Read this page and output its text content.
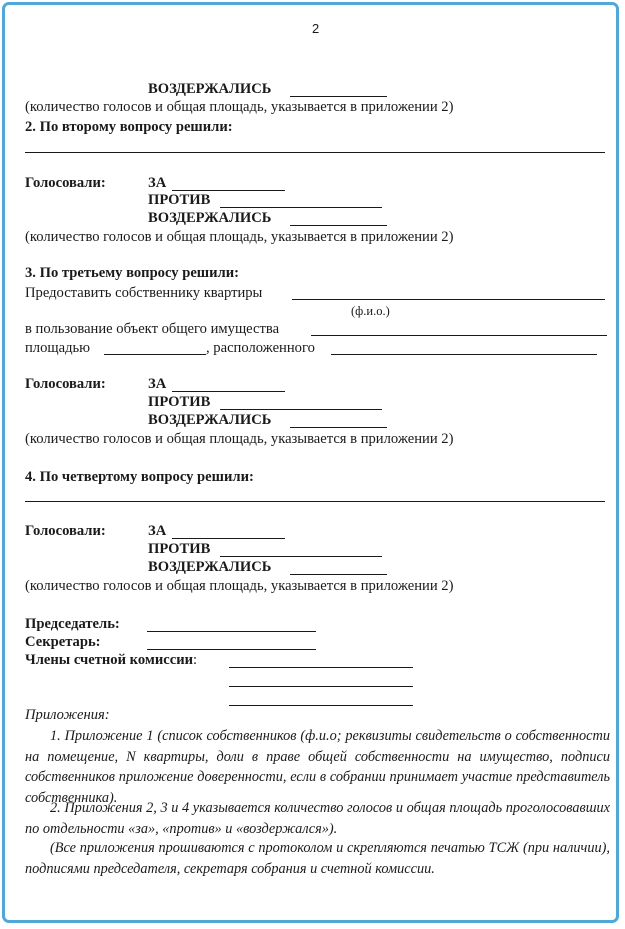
2
ВОЗДЕРЖАЛИСЬ
(количество голосов и общая площадь, указывается в приложении 2)
2. По второму вопросу решили:
Голосовали:	ЗА
ПРОТИВ
ВОЗДЕРЖАЛИСЬ
(количество голосов и общая площадь, указывается в приложении 2)
3. По третьему вопросу решили:
Предоставить собственнику квартиры
(ф.и.о.)
в пользование объект общего имущества
площадью	, расположенного
Голосовали:	ЗА
ПРОТИВ
ВОЗДЕРЖАЛИСЬ
(количество голосов и общая площадь, указывается в приложении 2)
4. По четвертому вопросу решили:
Голосовали:	ЗА
ПРОТИВ
ВОЗДЕРЖАЛИСЬ
(количество голосов и общая площадь, указывается в приложении 2)
Председатель:
Секретарь:
Члены счетной комиссии:
Приложения:
1. Приложение 1 (список собственников (ф.и.о; реквизиты свидетельств о собственности на помещение, N квартиры, доли в праве общей собственности на имущество, подписи собственников приложение доверенности, если в собрании принимает участие представитель собственника).
2. Приложения 2, 3 и 4 указывается количество голосов и общая площадь проголосовавших по отдельности «за», «против» и «воздержался»).
(Все приложения прошиваются с протоколом и скрепляются печатью ТСЖ (при наличии), подписями председателя, секретаря собрания и счетной комиссии.
